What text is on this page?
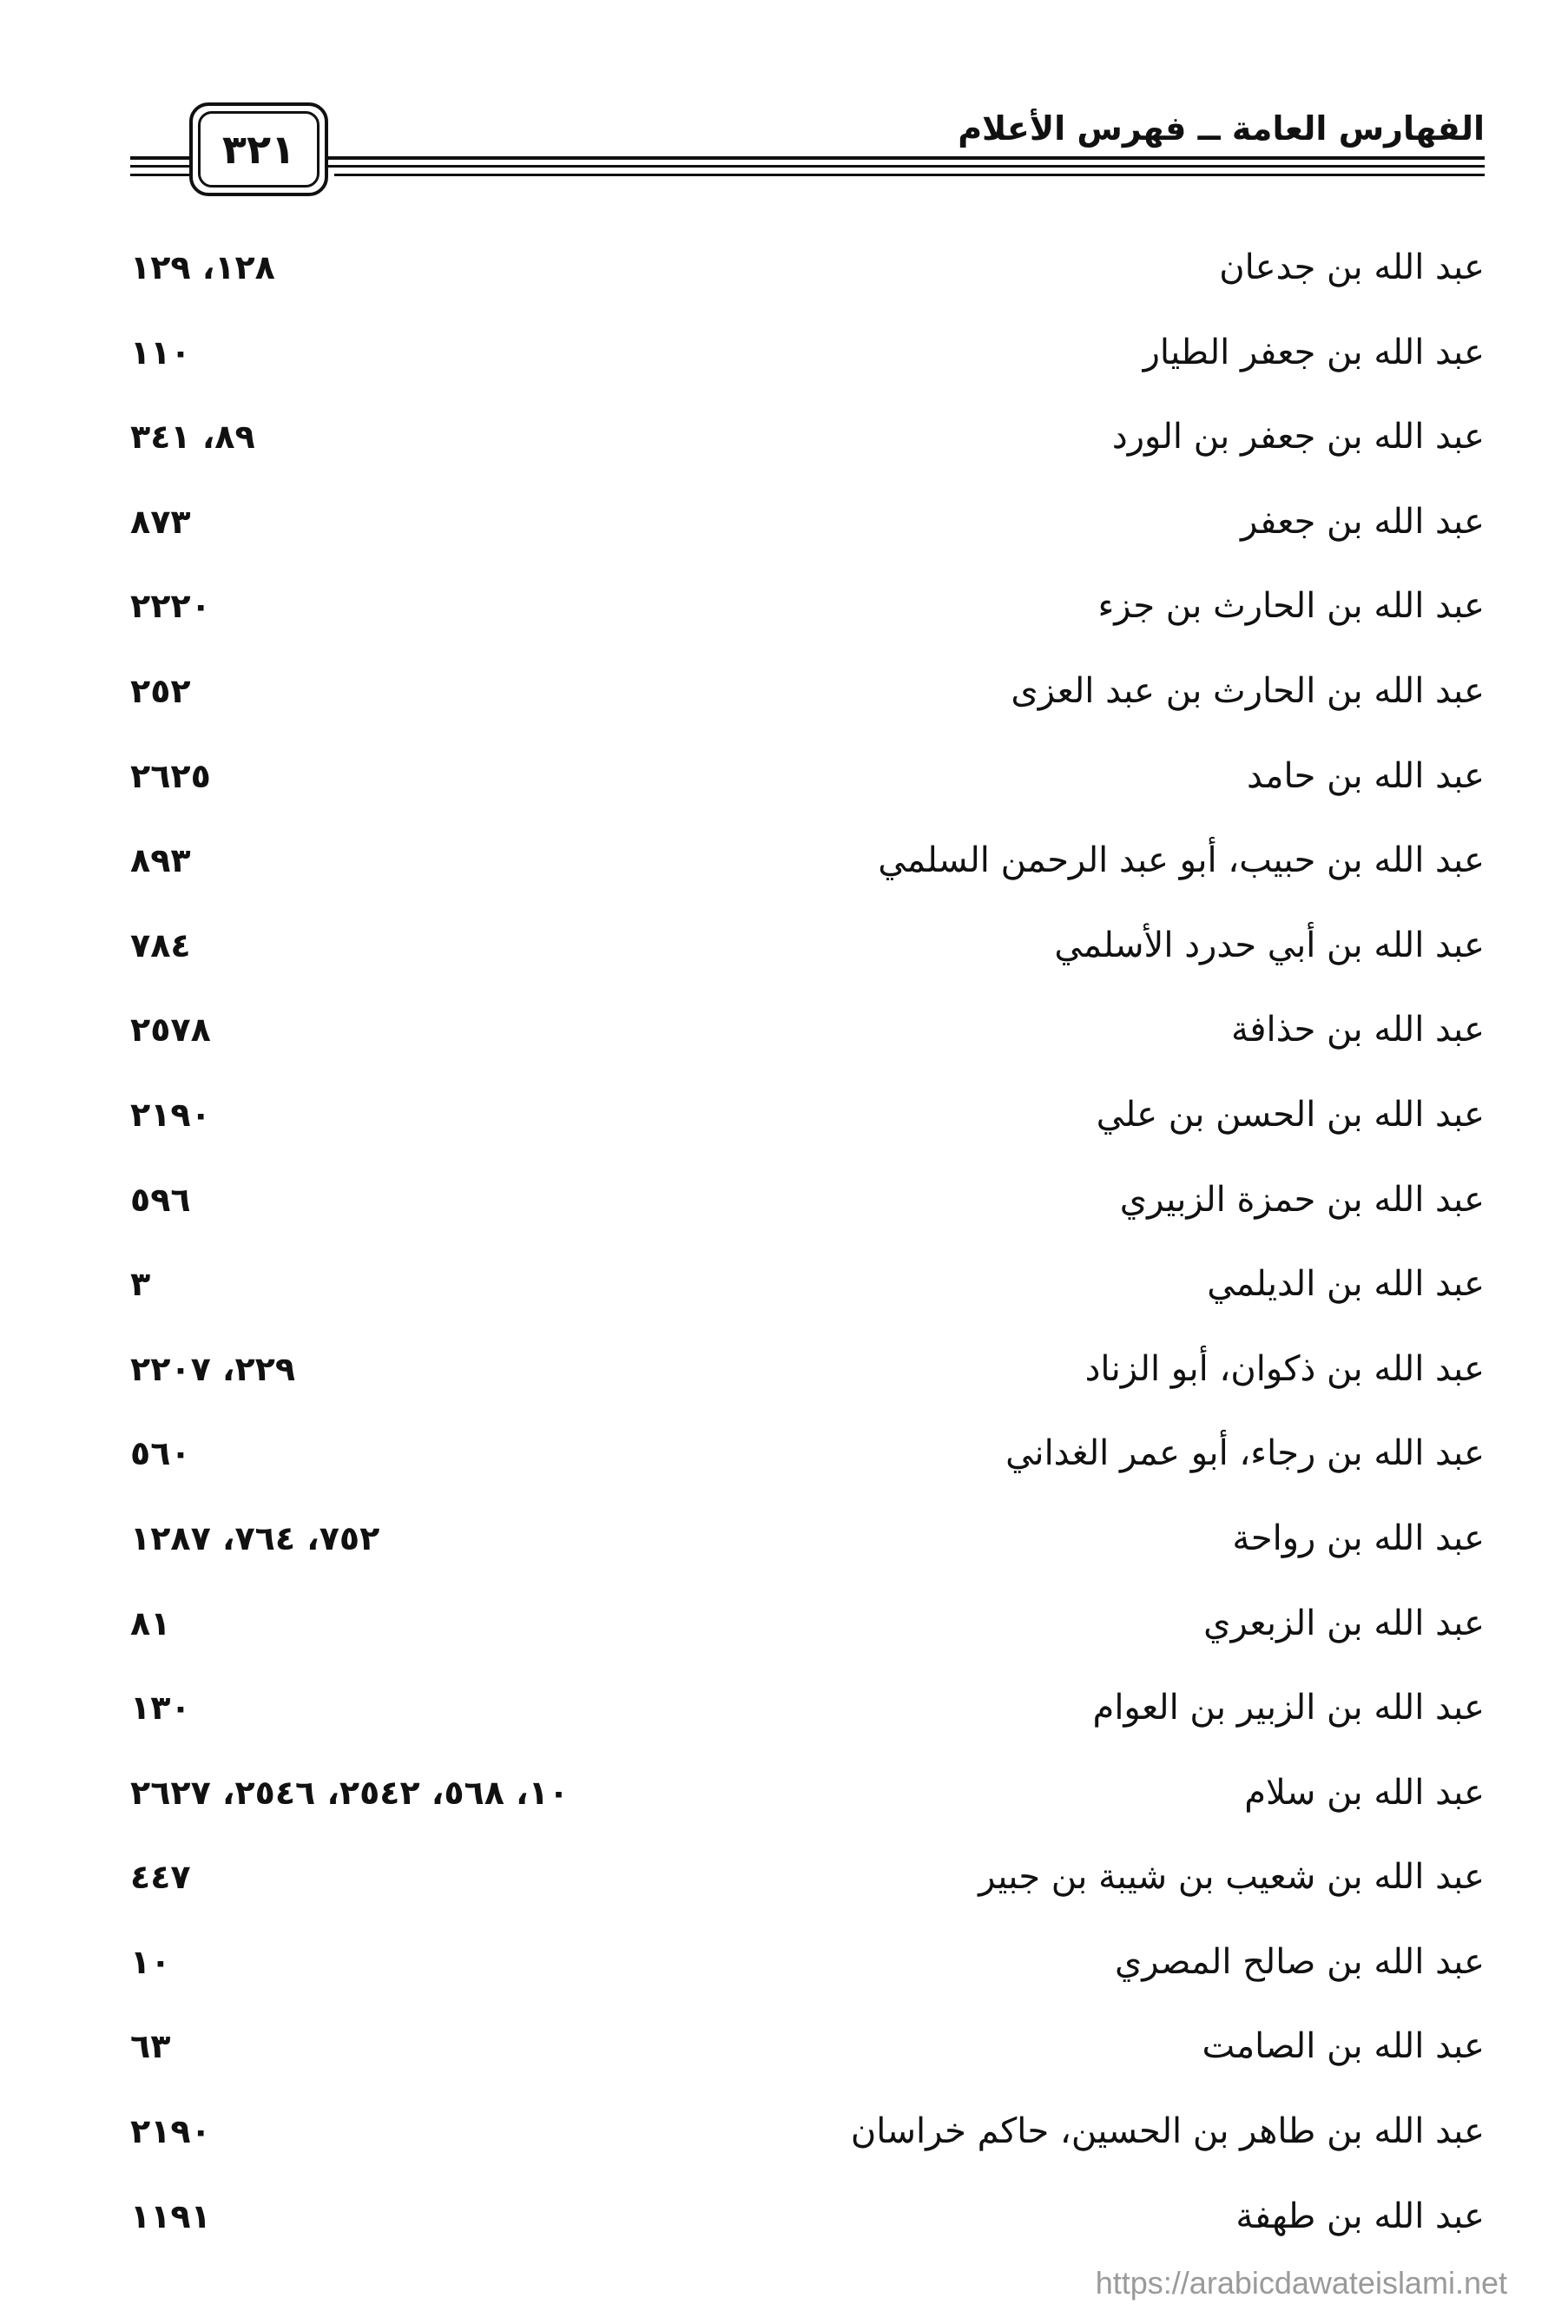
الفهارس العامة ــ فهرس الأعلام
٣٢١
عبد الله بن جدعان
١٢٨، ١٢٩
عبد الله بن جعفر الطيار
١١٠
عبد الله بن جعفر بن الورد
٨٩، ٣٤١
عبد الله بن جعفر
٨٧٣
عبد الله بن الحارث بن جزء
٢٢٢٠
عبد الله بن الحارث بن عبد العزى
٢٥٢
عبد الله بن حامد
٢٦٢٥
عبد الله بن حبيب، أبو عبد الرحمن السلمي
٨٩٣
عبد الله بن أبي حدرد الأسلمي
٧٨٤
عبد الله بن حذافة
٢٥٧٨
عبد الله بن الحسن بن علي
٢١٩٠
عبد الله بن حمزة الزبيري
٥٩٦
عبد الله بن الديلمي
٣
عبد الله بن ذكوان، أبو الزناد
٢٢٩، ٢٢٠٧
عبد الله بن رجاء، أبو عمر الغداني
٥٦٠
عبد الله بن رواحة
٧٥٢، ٧٦٤، ١٢٨٧
عبد الله بن الزبعري
٨١
عبد الله بن الزبير بن العوام
١٣٠
عبد الله بن سلام
١٠، ٥٦٨، ٢٥٤٢، ٢٥٤٦، ٢٦٢٧
عبد الله بن شعيب بن شيبة بن جبير
٤٤٧
عبد الله بن صالح المصري
١٠
عبد الله بن الصامت
٦٣
عبد الله بن طاهر بن الحسين، حاكم خراسان
٢١٩٠
عبد الله بن طهفة
١١٩١
https://arabicdawateislami.net
